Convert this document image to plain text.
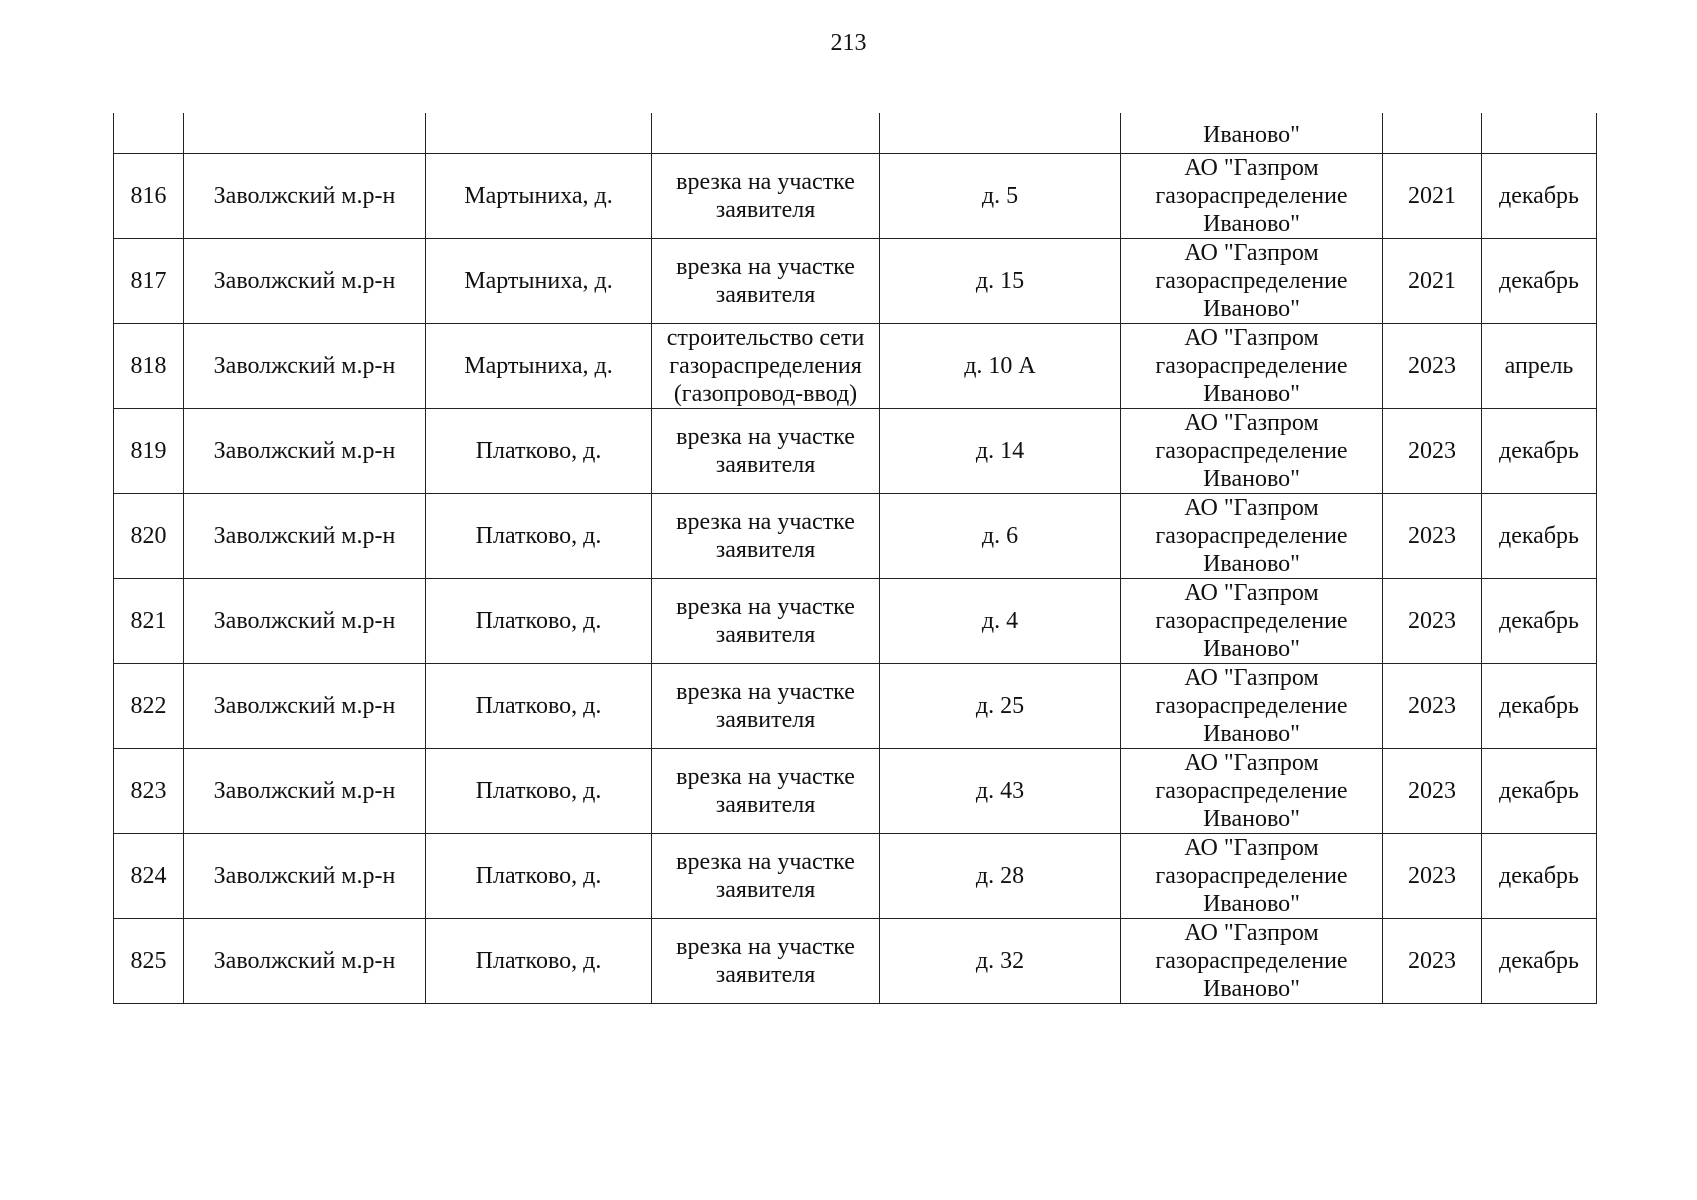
213
					Иваново"		
816	Заволжский м.р-н	Мартыниха, д.	врезка на участке заявителя	д. 5	АО "Газпром газораспределение Иваново"	2021	декабрь
817	Заволжский м.р-н	Мартыниха, д.	врезка на участке заявителя	д. 15	АО "Газпром газораспределение Иваново"	2021	декабрь
818	Заволжский м.р-н	Мартыниха, д.	строительство сети газораспределения (газопровод-ввод)	д. 10 А	АО "Газпром газораспределение Иваново"	2023	апрель
819	Заволжский м.р-н	Платково, д.	врезка на участке заявителя	д. 14	АО "Газпром газораспределение Иваново"	2023	декабрь
820	Заволжский м.р-н	Платково, д.	врезка на участке заявителя	д. 6	АО "Газпром газораспределение Иваново"	2023	декабрь
821	Заволжский м.р-н	Платково, д.	врезка на участке заявителя	д. 4	АО "Газпром газораспределение Иваново"	2023	декабрь
822	Заволжский м.р-н	Платково, д.	врезка на участке заявителя	д. 25	АО "Газпром газораспределение Иваново"	2023	декабрь
823	Заволжский м.р-н	Платково, д.	врезка на участке заявителя	д. 43	АО "Газпром газораспределение Иваново"	2023	декабрь
824	Заволжский м.р-н	Платково, д.	врезка на участке заявителя	д. 28	АО "Газпром газораспределение Иваново"	2023	декабрь
825	Заволжский м.р-н	Платково, д.	врезка на участке заявителя	д. 32	АО "Газпром газораспределение Иваново"	2023	декабрь
